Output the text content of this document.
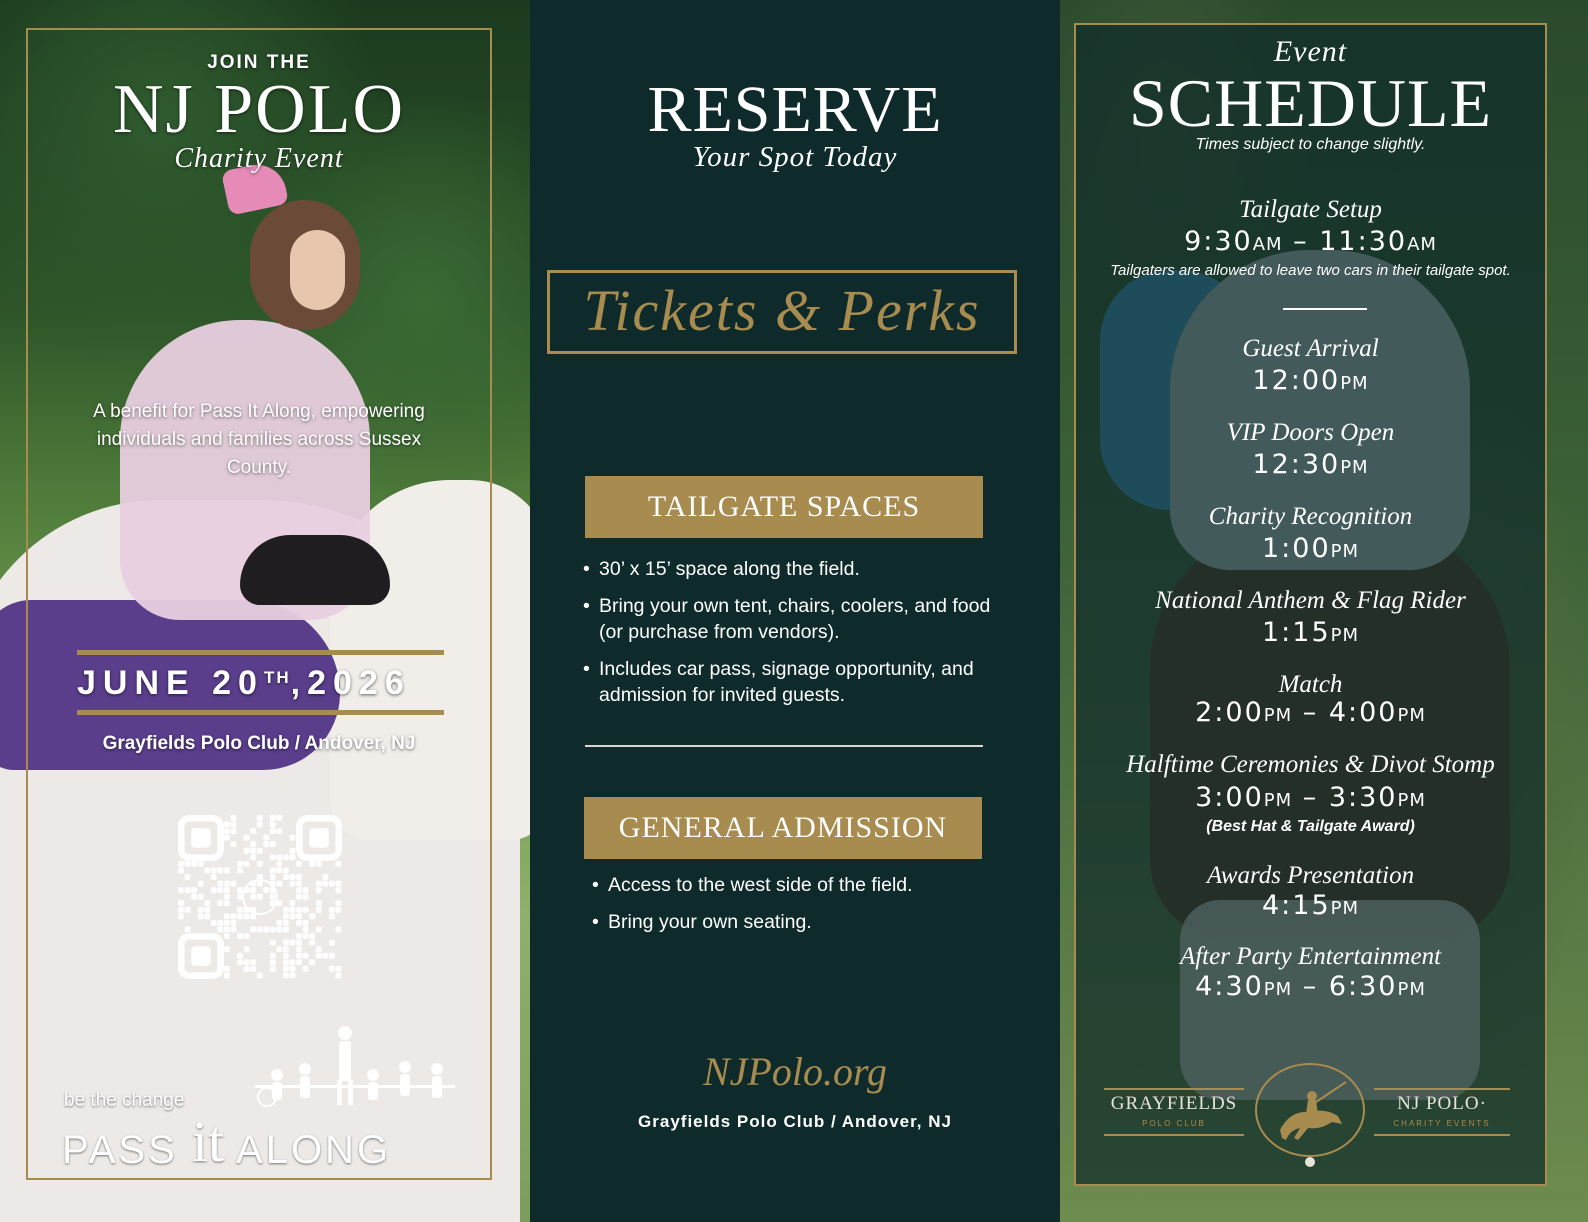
JOIN THE
NJ POLO
Charity Event
A benefit for Pass It Along, empowering individuals and families across Sussex County.
JUNE 20TH,2026
Grayfields Polo Club / Andover, NJ
be the change
PASS it ALONG
RESERVE
Your Spot Today
Tickets & Perks
TAILGATE SPACES
• 30’ x 15’ space along the field.
• Bring your own tent, chairs, coolers, and food (or purchase from vendors).
• Includes car pass, signage opportunity, and admission for invited guests.
GENERAL ADMISSION
• Access to the west side of the field.
• Bring your own seating.
NJPolo.org
Grayfields Polo Club / Andover, NJ
Event
SCHEDULE
Times subject to change slightly.
Tailgate Setup
9:30AM – 11:30AM
Tailgaters are allowed to leave two cars in their tailgate spot.
Guest Arrival
12:00PM
VIP Doors Open
12:30PM
Charity Recognition
1:00PM
National Anthem & Flag Rider
1:15PM
Match
2:00PM – 4:00PM
Halftime Ceremonies & Divot Stomp
3:00PM – 3:30PM
(Best Hat & Tailgate Award)
Awards Presentation
4:15PM
After Party Entertainment
4:30PM – 6:30PM
GRAYFIELDS
POLO CLUB
NJ POLO·
CHARITY EVENTS
